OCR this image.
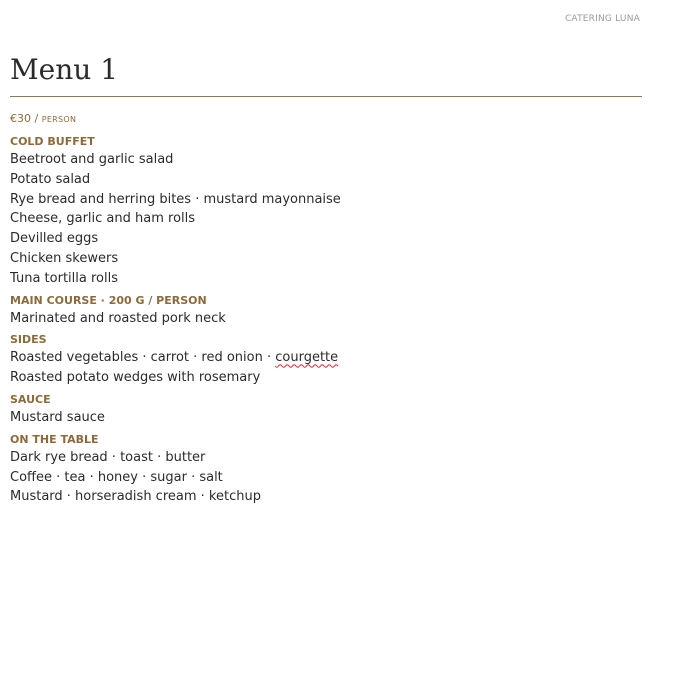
CATERING LUNA
Menu 1
€30 / PERSON
COLD BUFFET
Beetroot and garlic salad
Potato salad
Rye bread and herring bites · mustard mayonnaise
Cheese, garlic and ham rolls
Devilled eggs
Chicken skewers
Tuna tortilla rolls
MAIN COURSE · 200 G / PERSON
Marinated and roasted pork neck
SIDES
Roasted vegetables · carrot · red onion · courgette
Roasted potato wedges with rosemary
SAUCE
Mustard sauce
ON THE TABLE
Dark rye bread · toast · butter
Coffee · tea · honey · sugar · salt
Mustard · horseradish cream · ketchup
